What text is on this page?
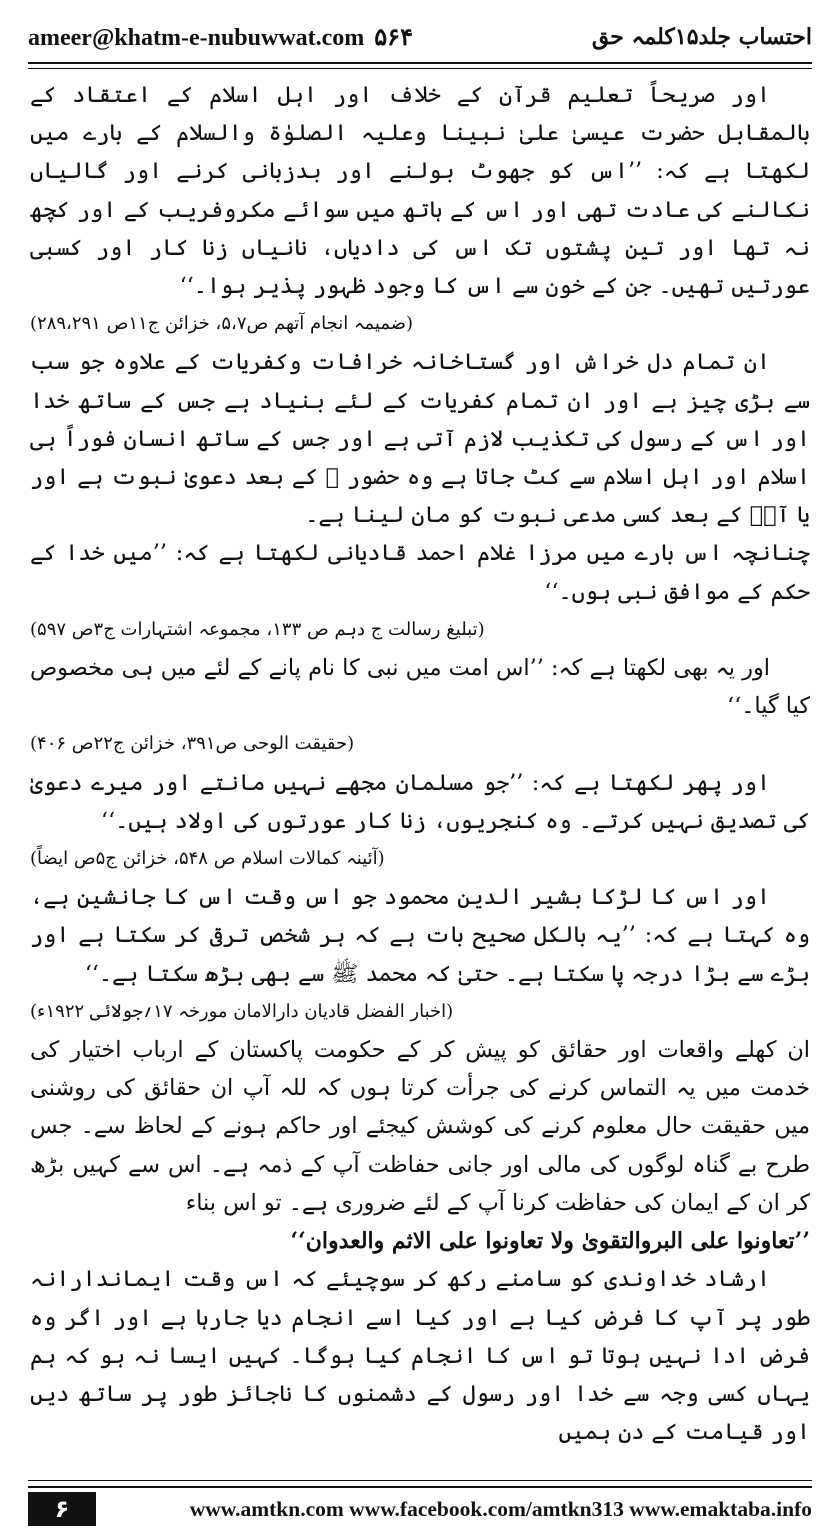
ameer@khatm-e-nubuwwat.com ۵۶۴	احتساب جلد۱۵کلمہ حق

اور صریحاً تعلیم قرآن کے خلاف اور اہل اسلام کے اعتقاد کے بالمقابل حضرت عیسیٰ علیٰ نبینا وعلیہ الصلوٰۃ والسلام کے بارے میں لکھتا ہے کہ: ’’اس کو جھوٹ بولنے اور بدزبانی کرنے اور گالیاں نکالنے کی عادت تھی اور اس کے ہاتھ میں سوائے مکروفریب کے اور کچھ نہ تھا اور تین پشتوں تک اس کی دادیاں، نانیاں زنا کار اور کسبی عورتیں تھیں۔ جن کے خون سے اس کا وجود ظہور پذیر ہوا۔‘‘

(ضمیمہ انجام آتھم ص۵،۷، خزائن ج۱۱ص ۲۸۹،۲۹۱)

ان تمام دل خراش اور گستاخانہ خرافات وکفریات کے علاوہ جو سب سے بڑی چیز ہے اور ان تمام کفریات کے لئے بنیاد ہے جس کے ساتھ خدا اور اس کے رسول کی تکذیب لازم آتی ہے اور جس کے ساتھ انسان فوراً ہی اسلام اور اہل اسلام سے کٹ جاتا ہے وہ حضور ﷺ کے بعد دعویٰ نبوت ہے اور یا آپؐ کے بعد کسی مدعی نبوت کو مان لینا ہے۔

چنانچہ اس بارے میں مرزا غلام احمد قادیانی لکھتا ہے کہ: ’’میں خدا کے حکم کے موافق نبی ہوں۔‘‘

(تبلیغ رسالت ج دہم ص ۱۳۳، مجموعہ اشتہارات ج۳ص ۵۹۷)

اور یہ بھی لکھتا ہے کہ: ’’اس امت میں نبی کا نام پانے کے لئے میں ہی مخصوص کیا گیا۔‘‘

(حقیقت الوحی ص۳۹۱، خزائن ج۲۲ص ۴۰۶)

اور پھر لکھتا ہے کہ: ’’جو مسلمان مجھے نہیں مانتے اور میرے دعویٰ کی تصدیق نہیں کرتے۔ وہ کنجریوں، زنا کار عورتوں کی اولاد ہیں۔‘‘

(آئینہ کمالات اسلام ص ۵۴۸، خزائن ج۵ص ایضاً)

اور اس کا لڑکا بشیر الدین محمود جو اس وقت اس کا جانشین ہے، وہ کہتا ہے کہ: ’’یہ بالکل صحیح بات ہے کہ ہر شخص ترقی کر سکتا ہے اور بڑے سے بڑا درجہ پا سکتا ہے۔ حتیٰ کہ محمد ﷺ سے بھی بڑھ سکتا ہے۔‘‘

(اخبار الفضل قادیان دارالامان مورخہ ۱۷؍جولائی ۱۹۲۲ء)

ان کھلے واقعات اور حقائق کو پیش کر کے حکومت پاکستان کے ارباب اختیار کی خدمت میں یہ التماس کرنے کی جرأت کرتا ہوں کہ للہ آپ ان حقائق کی روشنی میں حقیقت حال معلوم کرنے کی کوشش کیجئے اور حاکم ہونے کے لحاظ سے۔ جس طرح بے گناہ لوگوں کی مالی اور جانی حفاظت آپ کے ذمہ ہے۔ اس سے کہیں بڑھ کر ان کے ایمان کی حفاظت کرنا آپ کے لئے ضروری ہے۔ تو اس بناء

’’تعاونوا علی البروالتقویٰ ولا تعاونوا علی الاثم والعدوان‘‘

ارشاد خداوندی کو سامنے رکھ کر سوچیئے کہ اس وقت ایماندارانہ طور پر آپ کا فرض کیا ہے اور کیا اسے انجام دیا جارہا ہے اور اگر وہ فرض ادا نہیں ہوتا تو اس کا انجام کیا ہوگا۔ کہیں ایسا نہ ہو کہ ہم یہاں کسی وجہ سے خدا اور رسول کے دشمنوں کا ناجائز طور پر ساتھ دیں اور قیامت کے دن ہمیں

۶	www.amtkn.com www.facebook.com/amtkn313 www.emaktaba.info
